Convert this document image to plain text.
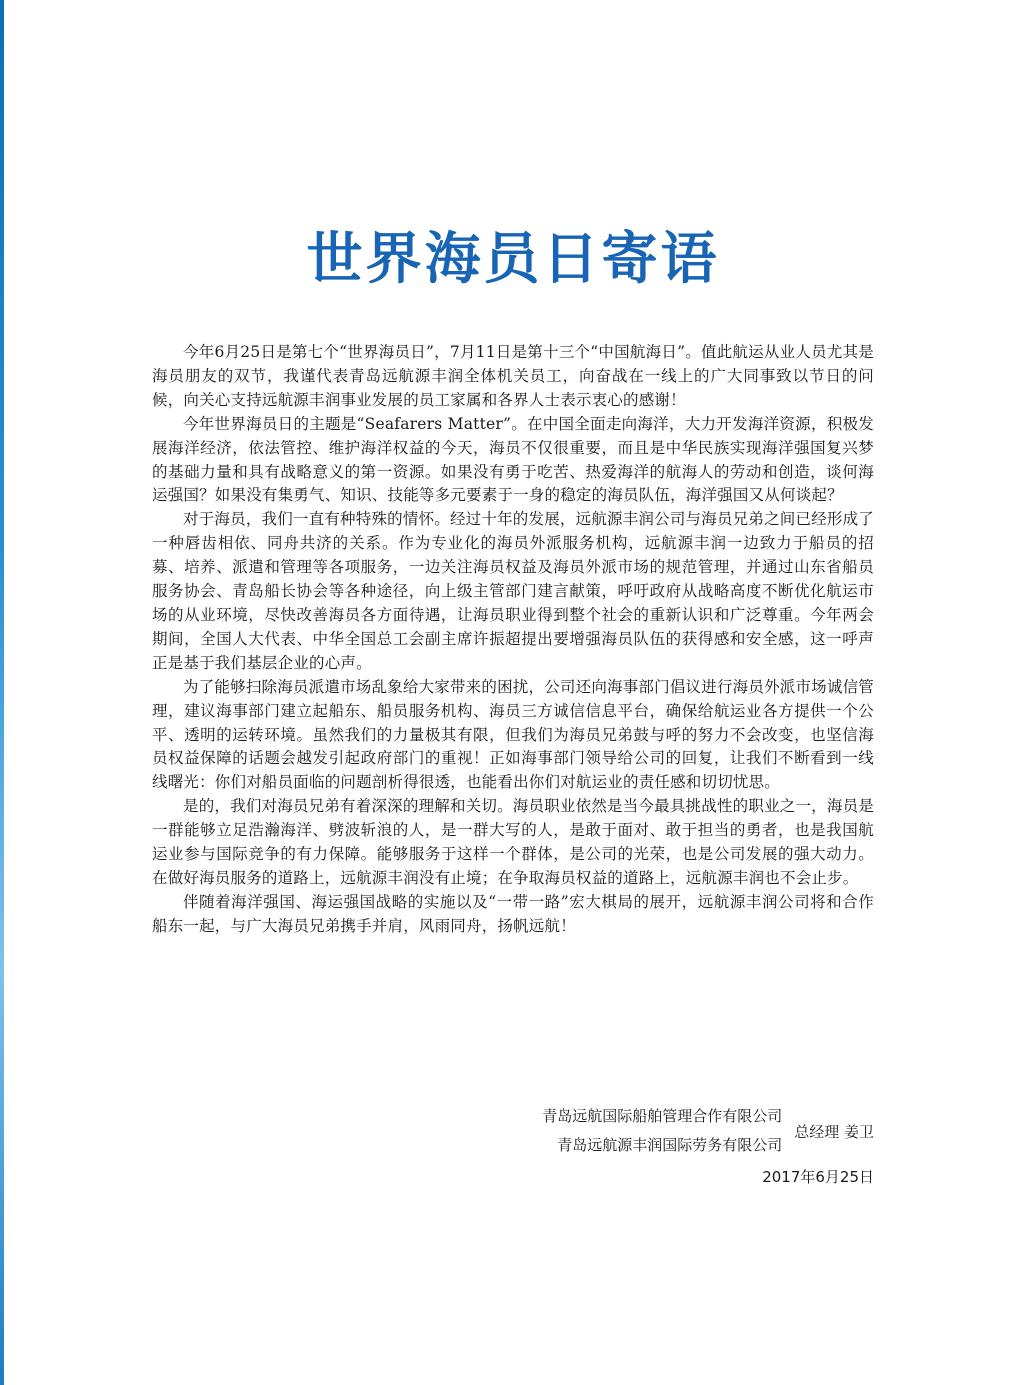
世界海员日寄语

今年6月25日是第七个“世界海员日”，7月11日是第十三个“中国航海日”。值此航运从业人员尤其是海员朋友的双节，我谨代表青岛远航源丰润全体机关员工，向奋战在一线上的广大同事致以节日的问候，向关心支持远航源丰润事业发展的员工家属和各界人士表示衷心的感谢！

今年世界海员日的主题是“Seafarers Matter”。在中国全面走向海洋，大力开发海洋资源，积极发展海洋经济，依法管控、维护海洋权益的今天，海员不仅很重要，而且是中华民族实现海洋强国复兴梦的基础力量和具有战略意义的第一资源。如果没有勇于吃苦、热爱海洋的航海人的劳动和创造，谈何海运强国？如果没有集勇气、知识、技能等多元要素于一身的稳定的海员队伍，海洋强国又从何谈起？

对于海员，我们一直有种特殊的情怀。经过十年的发展，远航源丰润公司与海员兄弟之间已经形成了一种唇齿相依、同舟共济的关系。作为专业化的海员外派服务机构，远航源丰润一边致力于船员的招募、培养、派遣和管理等各项服务，一边关注海员权益及海员外派市场的规范管理，并通过山东省船员服务协会、青岛船长协会等各种途径，向上级主管部门建言献策，呼吁政府从战略高度不断优化航运市场的从业环境，尽快改善海员各方面待遇，让海员职业得到整个社会的重新认识和广泛尊重。今年两会期间，全国人大代表、中华全国总工会副主席许振超提出要增强海员队伍的获得感和安全感，这一呼声正是基于我们基层企业的心声。

为了能够扫除海员派遣市场乱象给大家带来的困扰，公司还向海事部门倡议进行海员外派市场诚信管理，建议海事部门建立起船东、船员服务机构、海员三方诚信信息平台，确保给航运业各方提供一个公平、透明的运转环境。虽然我们的力量极其有限，但我们为海员兄弟鼓与呼的努力不会改变，也坚信海员权益保障的话题会越发引起政府部门的重视！正如海事部门领导给公司的回复，让我们不断看到一线线曙光：你们对船员面临的问题剖析得很透，也能看出你们对航运业的责任感和切切忧思。

是的，我们对海员兄弟有着深深的理解和关切。海员职业依然是当今最具挑战性的职业之一，海员是一群能够立足浩瀚海洋、劈波斩浪的人，是一群大写的人，是敢于面对、敢于担当的勇者，也是我国航运业参与国际竞争的有力保障。能够服务于这样一个群体，是公司的光荣，也是公司发展的强大动力。在做好海员服务的道路上，远航源丰润没有止境；在争取海员权益的道路上，远航源丰润也不会止步。

伴随着海洋强国、海运强国战略的实施以及“一带一路”宏大棋局的展开，远航源丰润公司将和合作船东一起，与广大海员兄弟携手并肩，风雨同舟，扬帆远航！

青岛远航国际船舶管理合作有限公司
青岛远航源丰润国际劳务有限公司
总经理 姜卫
2017年6月25日
